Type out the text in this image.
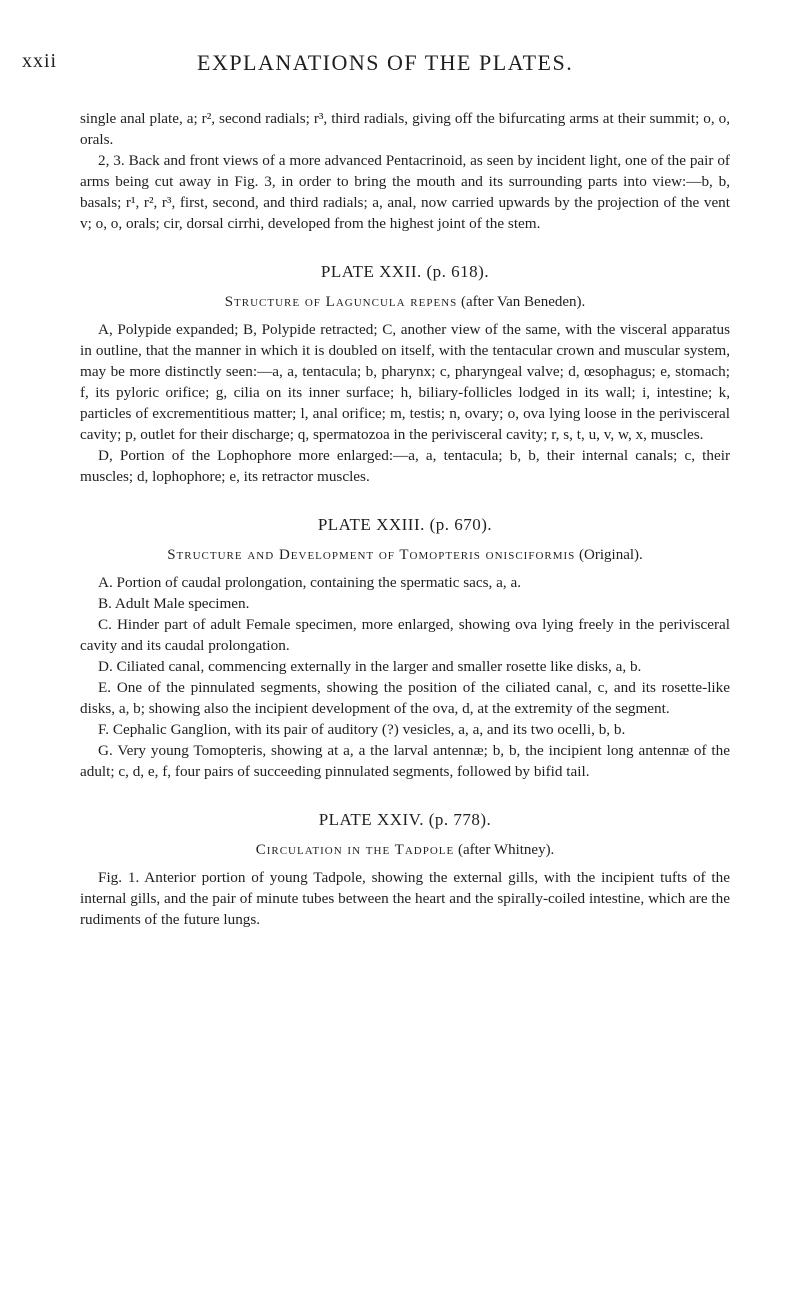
xxii	EXPLANATIONS OF THE PLATES.

single anal plate, a; r², second radials; r³, third radials, giving off the bifurcating arms at their summit; o, o, orals.

2, 3. Back and front views of a more advanced Pentacrinoid, as seen by incident light, one of the pair of arms being cut away in Fig. 3, in order to bring the mouth and its surrounding parts into view:—b, b, basals; r¹, r², r³, first, second, and third radials; a, anal, now carried upwards by the projection of the vent v; o, o, orals; cir, dorsal cirrhi, developed from the highest joint of the stem.

PLATE XXII. (p. 618).
Structure of Lagunculа repens (after Van Beneden).

A, Polypide expanded; B, Polypide retracted; C, another view of the same, with the visceral apparatus in outline, that the manner in which it is doubled on itself, with the tentacular crown and muscular system, may be more distinctly seen:—a, a, tentacula; b, pharynx; c, pharyngeal valve; d, œsophagus; e, stomach; f, its pyloric orifice; g, cilia on its inner surface; h, biliary-follicles lodged in its wall; i, intestine; k, particles of excrementitious matter; l, anal orifice; m, testis; n, ovary; o, ova lying loose in the perivisceral cavity; p, outlet for their discharge; q, spermatozoa in the perivisceral cavity; r, s, t, u, v, w, x, muscles.

D, Portion of the Lophophore more enlarged:—a, a, tentacula; b, b, their internal canals; c, their muscles; d, lophophore; e, its retractor muscles.

PLATE XXIII. (p. 670).
Structure and Development of Tomopteris onisciformis (Original).

A. Portion of caudal prolongation, containing the spermatic sacs, a, a.

B. Adult Male specimen.

C. Hinder part of adult Female specimen, more enlarged, showing ova lying freely in the perivisceral cavity and its caudal prolongation.

D. Ciliated canal, commencing externally in the larger and smaller rosette like disks, a, b.

E. One of the pinnulated segments, showing the position of the ciliated canal, c, and its rosette-like disks, a, b; showing also the incipient development of the ova, d, at the extremity of the segment.

F. Cephalic Ganglion, with its pair of auditory (?) vesicles, a, a, and its two ocelli, b, b.

G. Very young Tomopteris, showing at a, a the larval antennæ; b, b, the incipient long antennæ of the adult; c, d, e, f, four pairs of succeeding pinnulated segments, followed by bifid tail.

PLATE XXIV. (p. 778).
Circulation in the Tadpole (after Whitney).

Fig. 1. Anterior portion of young Tadpole, showing the external gills, with the incipient tufts of the internal gills, and the pair of minute tubes between the heart and the spirally-coiled intestine, which are the rudiments of the future lungs.
